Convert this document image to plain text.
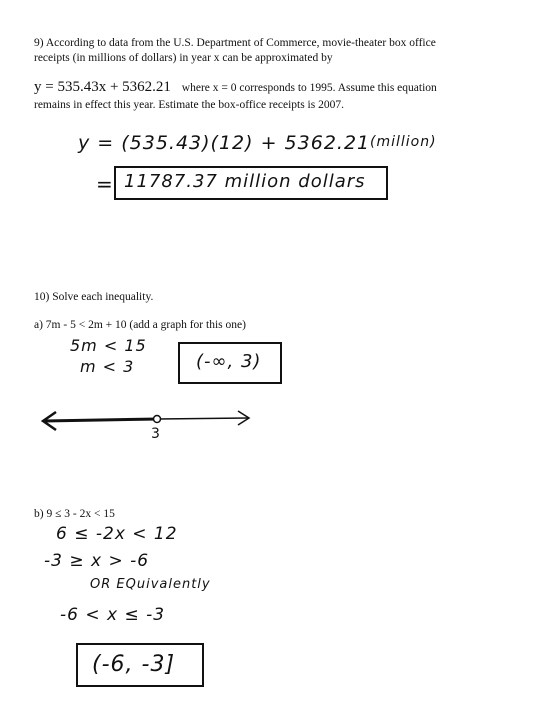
9) According to data from the U.S. Department of Commerce, movie-theater box office
receipts (in millions of dollars) in year x can be approximated by
y = 535.43x + 5362.21 where x = 0 corresponds to 1995. Assume this equation
remains in effect this year. Estimate the box-office receipts is 2007.
y = (535.43)(12) + 5362.21 (million)
= 11787.37 million dollars
10) Solve each inequality.
a) 7m - 5 < 2m + 10 (add a graph for this one)
5m < 15
m < 3	(-∞, 3)
3
b) 9 ≤ 3 - 2x < 15
6 ≤ -2x < 12
-3 ≥ x > -6
OR EQuivalently
-6 < x ≤ -3
(-6, -3]
